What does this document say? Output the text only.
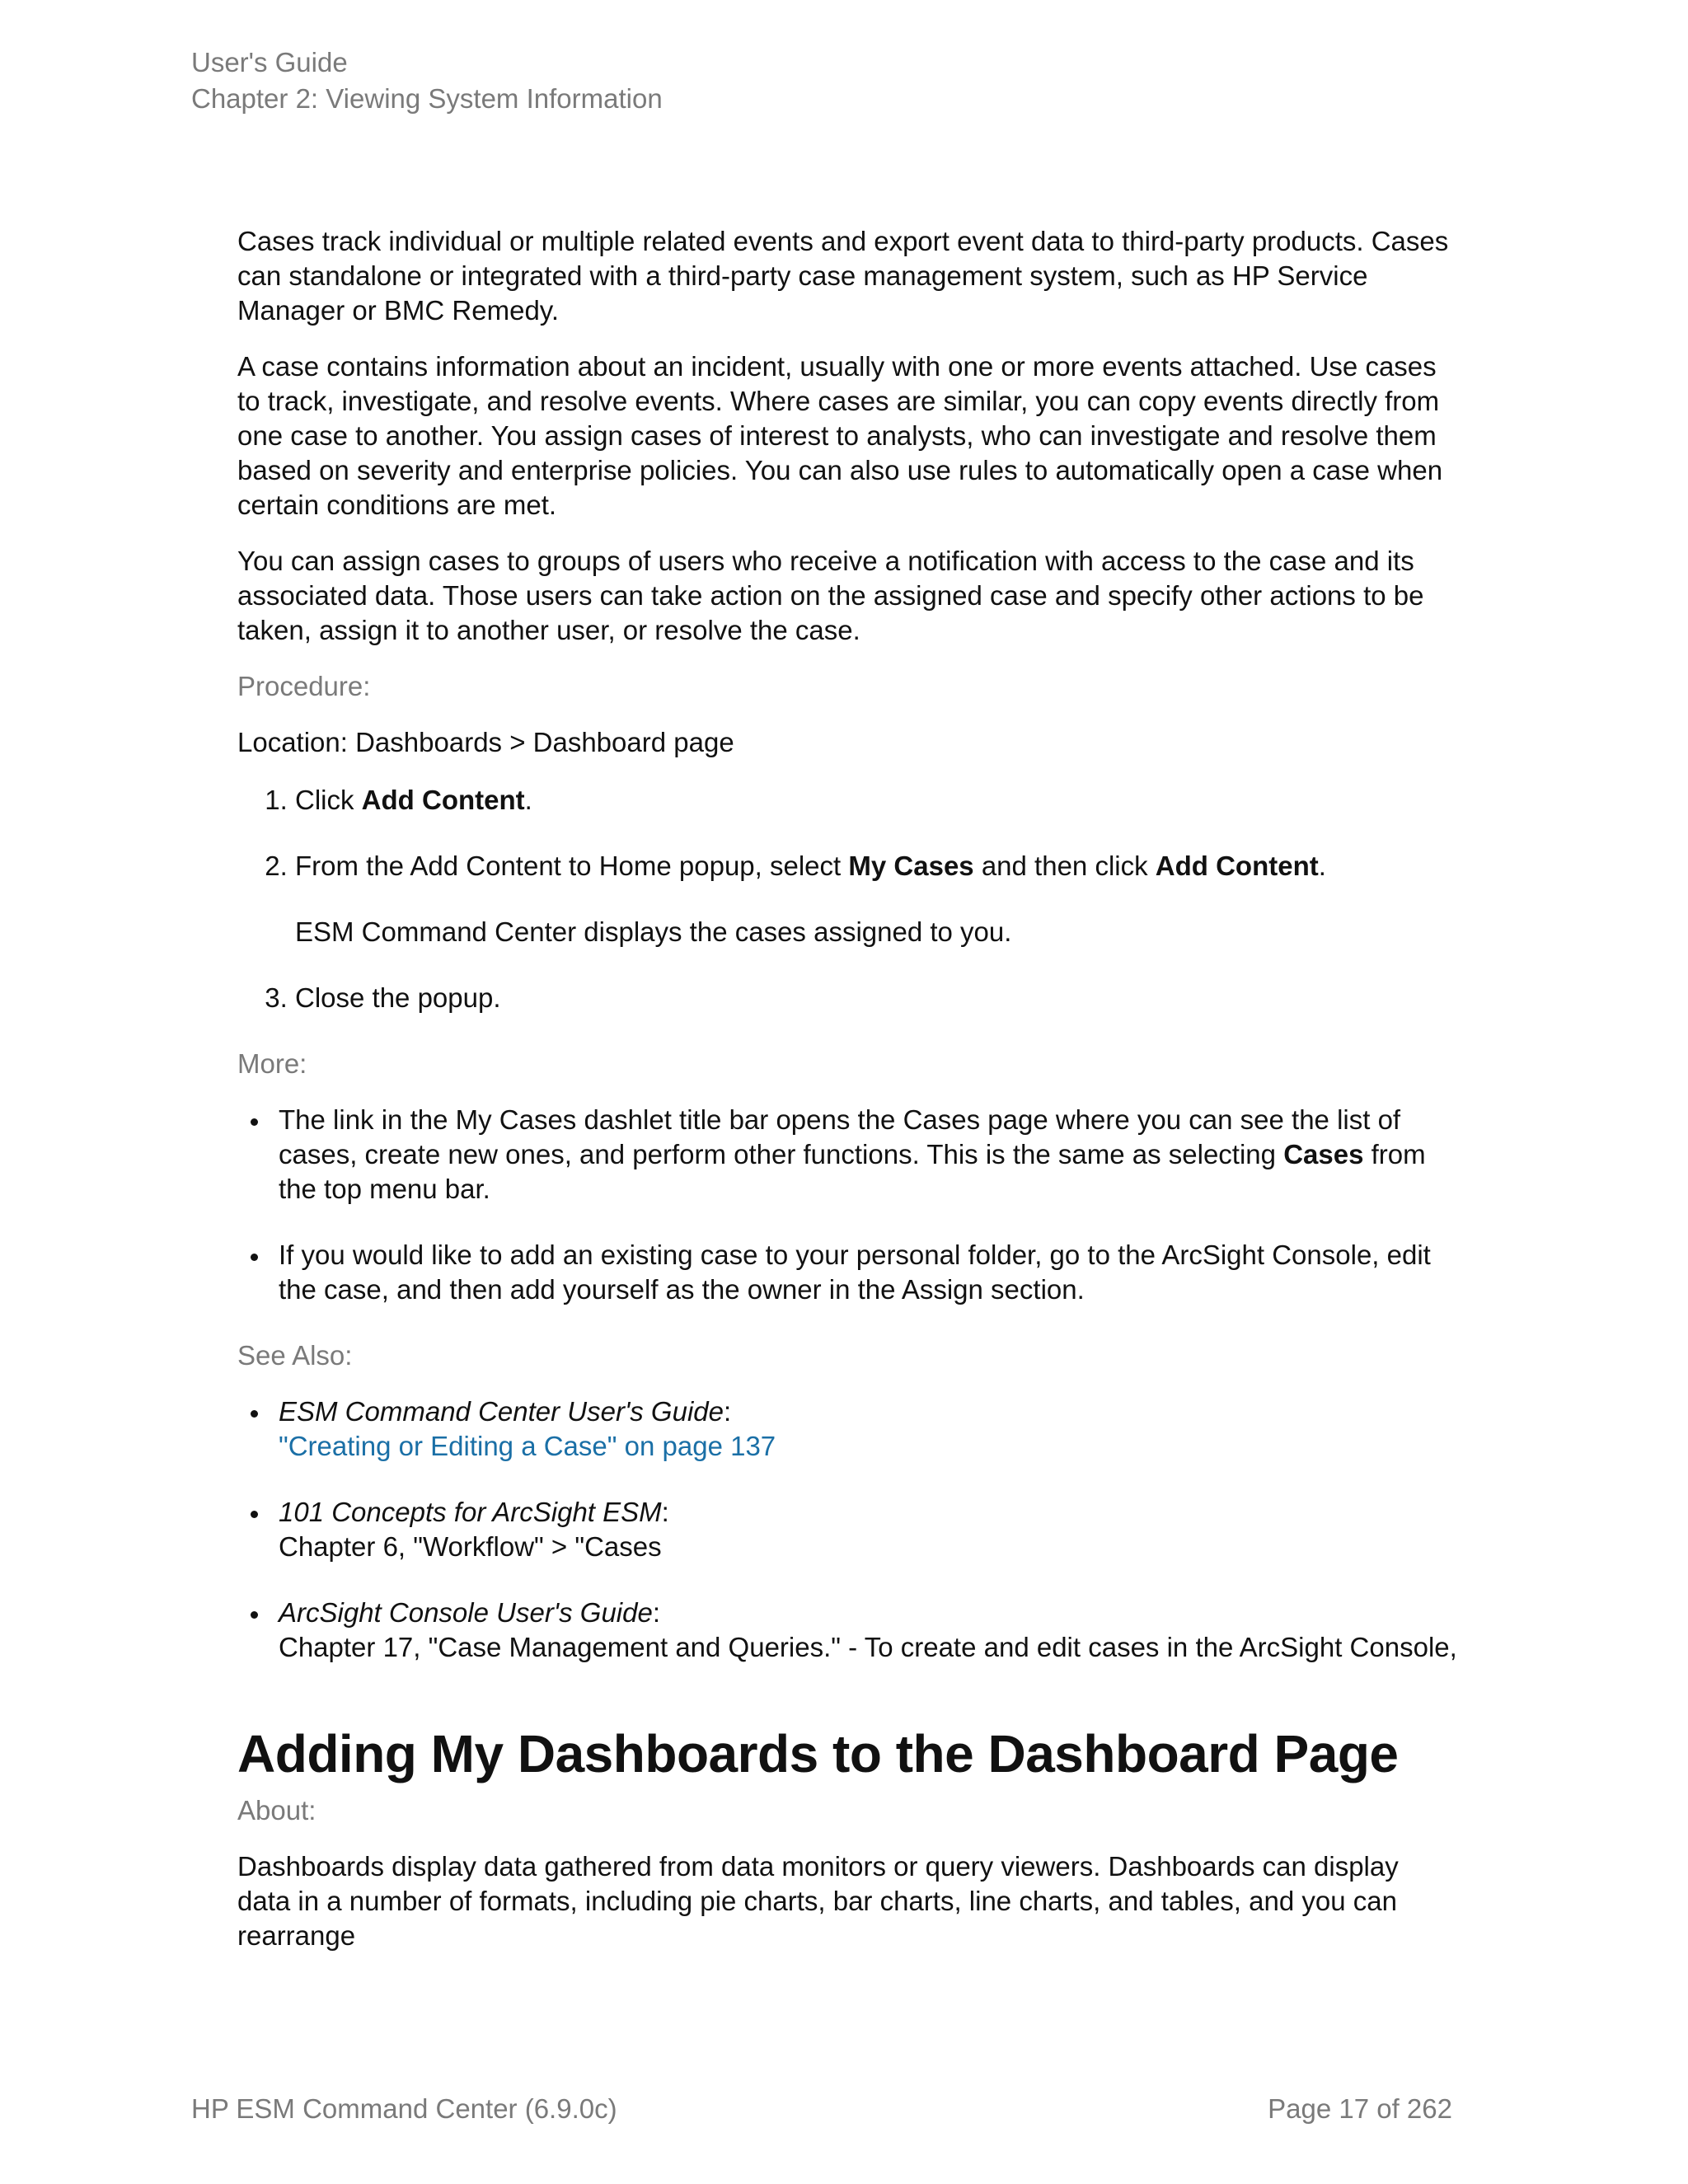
User's Guide
Chapter 2: Viewing System Information

Cases track individual or multiple related events and export event data to third-party products. Cases can standalone or integrated with a third-party case management system, such as HP Service Manager or BMC Remedy.

A case contains information about an incident, usually with one or more events attached. Use cases to track, investigate, and resolve events. Where cases are similar, you can copy events directly from one case to another. You assign cases of interest to analysts, who can investigate and resolve them based on severity and enterprise policies. You can also use rules to automatically open a case when certain conditions are met.

You can assign cases to groups of users who receive a notification with access to the case and its associated data. Those users can take action on the assigned case and specify other actions to be taken, assign it to another user, or resolve the case.

Procedure:

Location: Dashboards > Dashboard page

1. Click Add Content.
2. From the Add Content to Home popup, select My Cases and then click Add Content.
ESM Command Center displays the cases assigned to you.
3. Close the popup.

More:

The link in the My Cases dashlet title bar opens the Cases page where you can see the list of cases, create new ones, and perform other functions. This is the same as selecting Cases from the top menu bar.
If you would like to add an existing case to your personal folder, go to the ArcSight Console, edit the case, and then add yourself as the owner in the Assign section.

See Also:

ESM Command Center User's Guide:
"Creating or Editing a Case" on page 137
101 Concepts for ArcSight ESM:
Chapter 6, "Workflow" > "Cases
ArcSight Console User's Guide:
Chapter 17, "Case Management and Queries." - To create and edit cases in the ArcSight Console,
Adding My Dashboards to the Dashboard Page

About:

Dashboards display data gathered from data monitors or query viewers. Dashboards can display data in a number of formats, including pie charts, bar charts, line charts, and tables, and you can rearrange

HP ESM Command Center (6.9.0c)	Page 17 of 262
